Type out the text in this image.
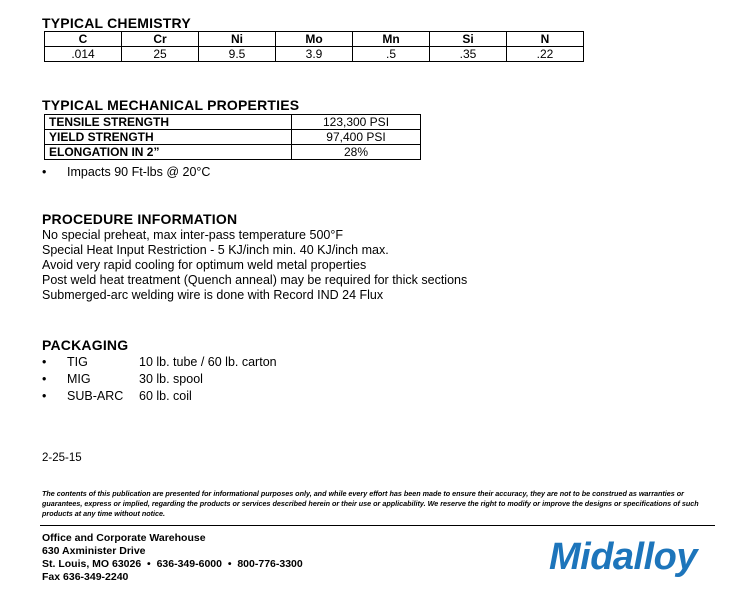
TYPICAL CHEMISTRY
C	Cr	Ni	Mo	Mn	Si	N
.014	25	9.5	3.9	.5	.35	.22
TYPICAL MECHANICAL PROPERTIES
TENSILE STRENGTH	123,300 PSI
YIELD STRENGTH	97,400 PSI
ELONGATION IN 2”	28%
•	Impacts 90 Ft-lbs @ 20°C
PROCEDURE INFORMATION
No special preheat, max inter-pass temperature 500°F
Special Heat Input Restriction - 5 KJ/inch min. 40 KJ/inch max.
Avoid very rapid cooling for optimum weld metal properties
Post weld heat treatment (Quench anneal) may be required for thick sections
Submerged-arc welding wire is done with Record IND 24 Flux
PACKAGING
•	TIG	10 lb. tube / 60 lb. carton
•	MIG	30 lb. spool
•	SUB-ARC	60 lb. coil
2-25-15
The contents of this publication are presented for informational purposes only, and while every effort has been made to ensure their accuracy, they are not to be construed as warranties or guarantees, express or implied, regarding the products or services described herein or their use or applicability. We reserve the right to modify or improve the designs or specifications of such products at any time without notice.
Office and Corporate Warehouse
630 Axminister Drive
St. Louis, MO 63026 • 636-349-6000 • 800-776-3300
Fax 636-349-2240	Midalloy
